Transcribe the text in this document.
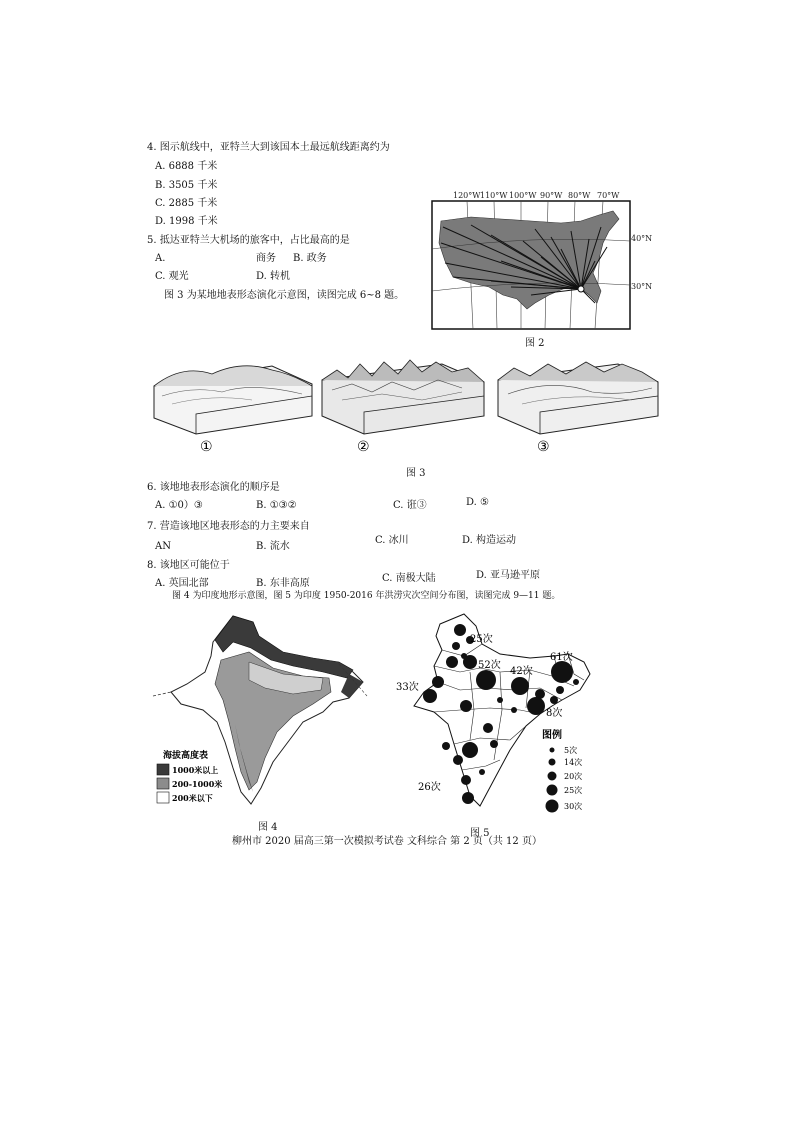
4. 图示航线中，亚特兰大到该国本土最远航线距离约为
A. 6888 千米
B. 3505 千米
C. 2885 千米
D. 1998 千米
5. 抵达亚特兰大机场的旅客中，占比最高的是
A.	商务 B. 政务
C. 观光	D. 转机
图 3 为某地地表形态演化示意图，读图完成 6~8 题。
120°W 110°W 100°W 90°W 80°W 70°W
40°N
30°N
图 2
①	②	③
图 3
6. 该地地表形态演化的顺序是
A. ①0）③	B. ①③②	C. 诳③	D. ⑤
7. 营造该地区地表形态的力主要来自
AN	B. 流水
C. 冰川	D. 构造运动
8. 该地区可能位于
A. 英国北部	B. 东非高原	C. 南极大陆	D. 亚马逊平原
图 4 为印度地形示意图，图 5 为印度 1950-2016 年洪涝灾次空间分布图，读图完成 9—11 题。
海拔高度表
1000米以上
200-1000米
200米以下
图 4
25次
52次
42次
61次
33次
8次
26次
图例
5次
14次
20次
25次
30次
图 5
柳州市 2020 届高三第一次模拟考试卷 文科综合 第 2 页（共 12 页）
